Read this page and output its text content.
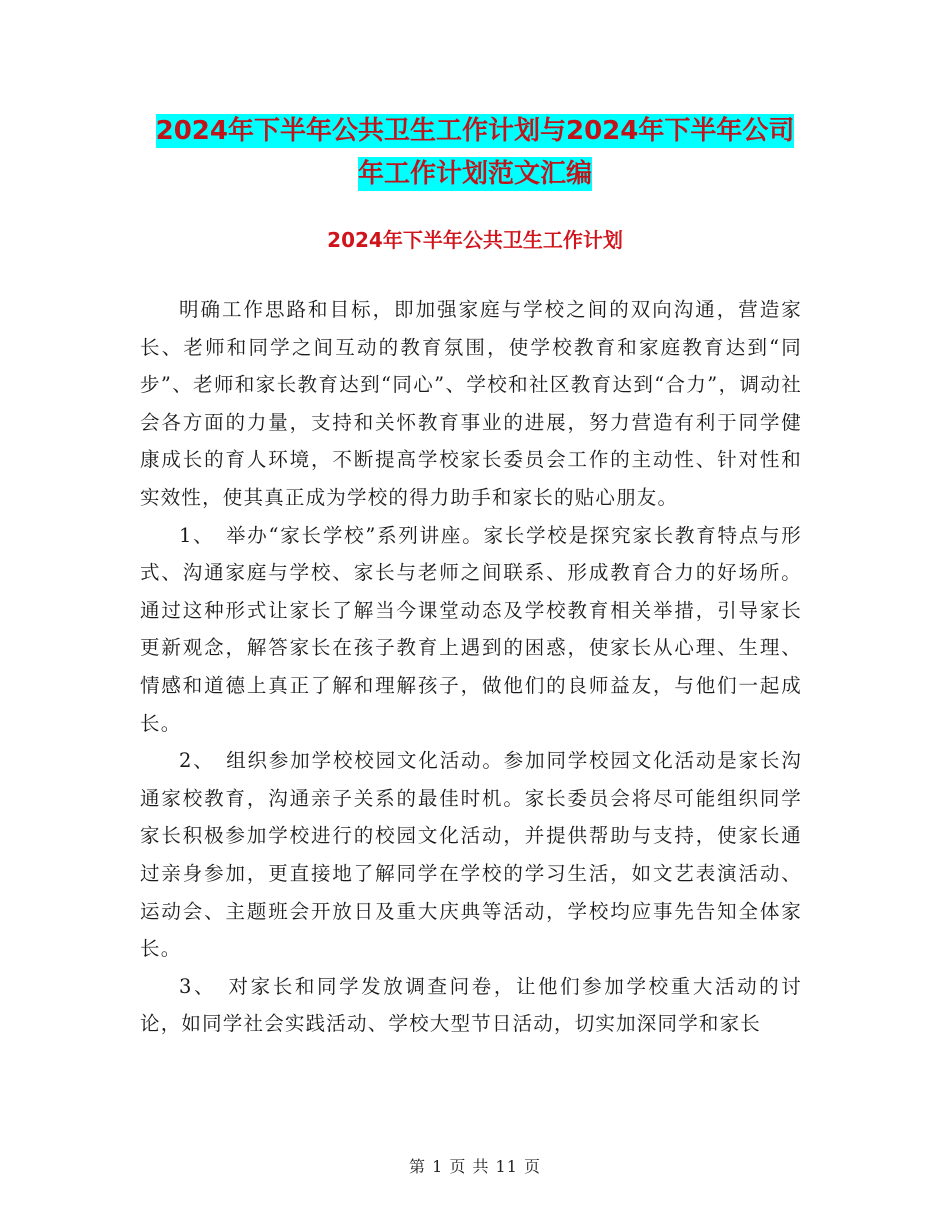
2024年下半年公共卫生工作计划与2024年下半年公司
年工作计划范文汇编
2024年下半年公共卫生工作计划

明确工作思路和目标，即加强家庭与学校之间的双向沟通，营造家长、老师和同学之间互动的教育氛围，使学校教育和家庭教育达到“同步”、老师和家长教育达到“同心”、学校和社区教育达到“合力”，调动社会各方面的力量，支持和关怀教育事业的进展，努力营造有利于同学健康成长的育人环境，不断提高学校家长委员会工作的主动性、针对性和实效性，使其真正成为学校的得力助手和家长的贴心朋友。

1、　举办“家长学校”系列讲座。家长学校是探究家长教育特点与形式、沟通家庭与学校、家长与老师之间联系、形成教育合力的好场所。通过这种形式让家长了解当今课堂动态及学校教育相关举措，引导家长更新观念，解答家长在孩子教育上遇到的困惑，使家长从心理、生理、情感和道德上真正了解和理解孩子，做他们的良师益友，与他们一起成长。

2、　组织参加学校校园文化活动。参加同学校园文化活动是家长沟通家校教育，沟通亲子关系的最佳时机。家长委员会将尽可能组织同学家长积极参加学校进行的校园文化活动，并提供帮助与支持，使家长通过亲身参加，更直接地了解同学在学校的学习生活，如文艺表演活动、运动会、主题班会开放日及重大庆典等活动，学校均应事先告知全体家长。

3、　对家长和同学发放调查问卷，让他们参加学校重大活动的讨论，如同学社会实践活动、学校大型节日活动，切实加深同学和家长

第 1 页 共 11 页
